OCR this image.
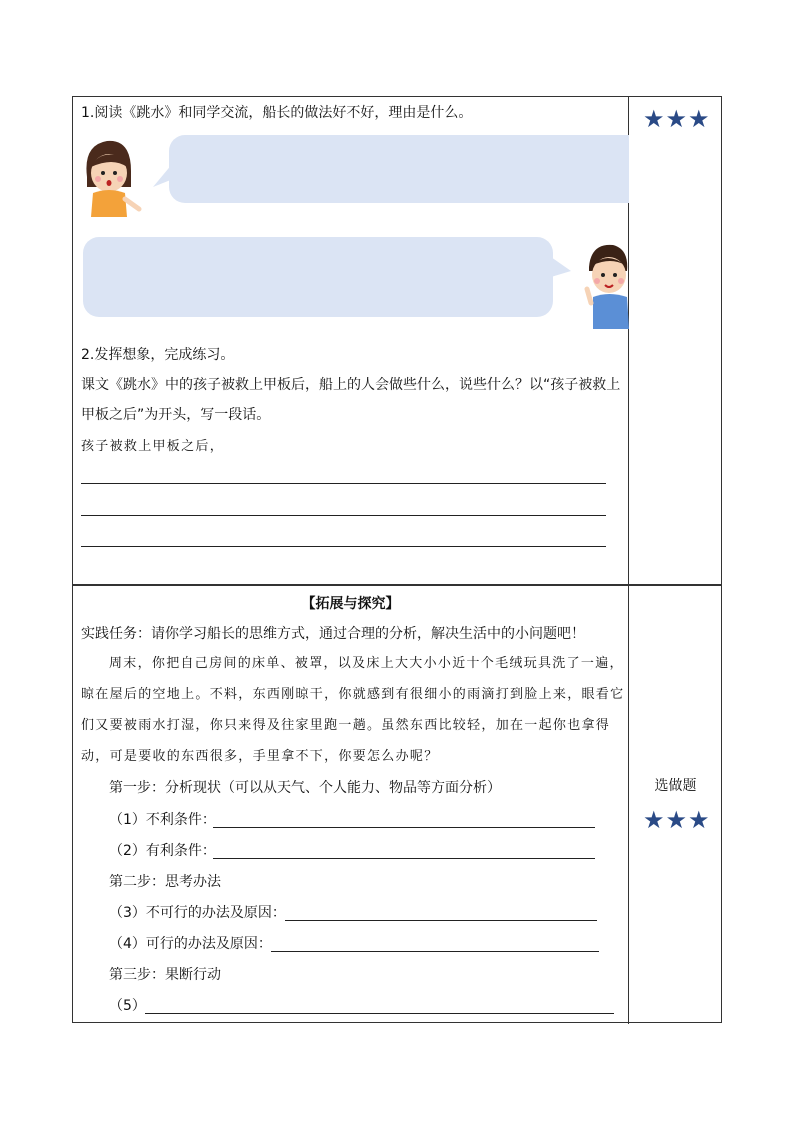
1.阅读《跳水》和同学交流，船长的做法好不好，理由是什么。
2.发挥想象，完成练习。
课文《跳水》中的孩子被救上甲板后，船上的人会做些什么，说些什么？以“孩子被救上
甲板之后”为开头，写一段话。
孩子被救上甲板之后，
★★★
【拓展与探究】
实践任务：请你学习船长的思维方式，通过合理的分析，解决生活中的小问题吧！
周末，你把自己房间的床单、被罩，以及床上大大小小近十个毛绒玩具洗了一遍，
晾在屋后的空地上。不料，东西刚晾干，你就感到有很细小的雨滴打到脸上来，眼看它
们又要被雨水打湿，你只来得及往家里跑一趟。虽然东西比较轻，加在一起你也拿得
动，可是要收的东西很多，手里拿不下，你要怎么办呢？
第一步：分析现状（可以从天气、个人能力、物品等方面分析）
（1）不利条件：
（2）有利条件：
第二步：思考办法
（3）不可行的办法及原因：
（4）可行的办法及原因：
第三步：果断行动
（5）
选做题
★★★
